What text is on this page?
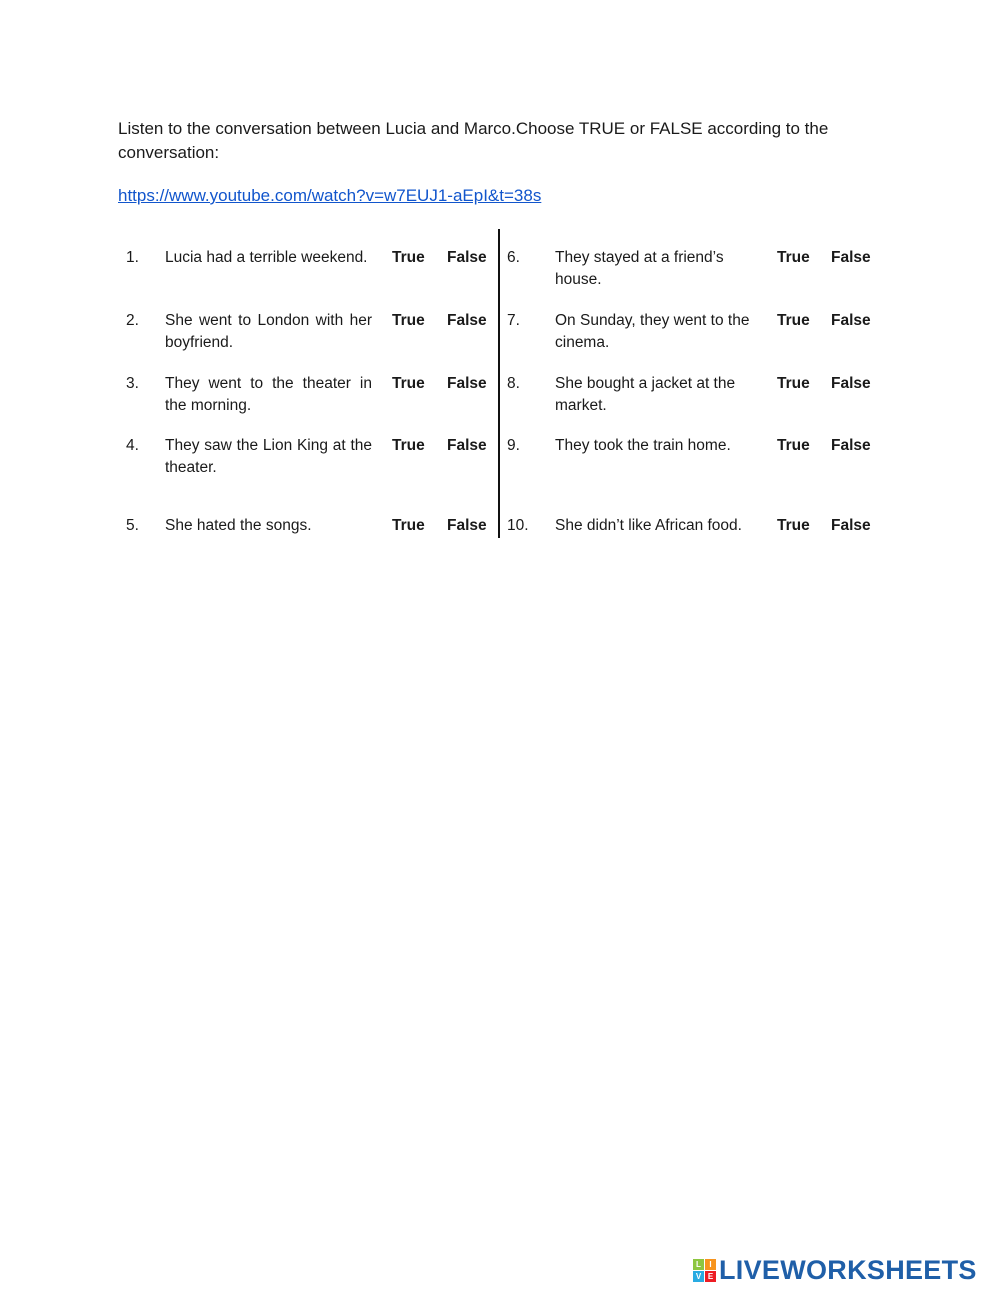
Listen to the conversation between Lucia and Marco.Choose TRUE or FALSE according to the conversation:

https://www.youtube.com/watch?v=w7EUJ1-aEpI&t=38s
1. Lucia had a terrible weekend. True False
2. She went to London with her boyfriend.
True False
3. They went to the theater in the morning.
True False
4. They saw the Lion King at the theater.
True False
5. She hated the songs.	True False
6. They stayed at a friend’s house.
True False
7. On Sunday, they went to the cinema.
True False
8. She bought a jacket at the market.
True False
9. They took the train home.	True False
10. She didn’t like African food.	True False
L	I
V E LIVEWORKSHEETS
